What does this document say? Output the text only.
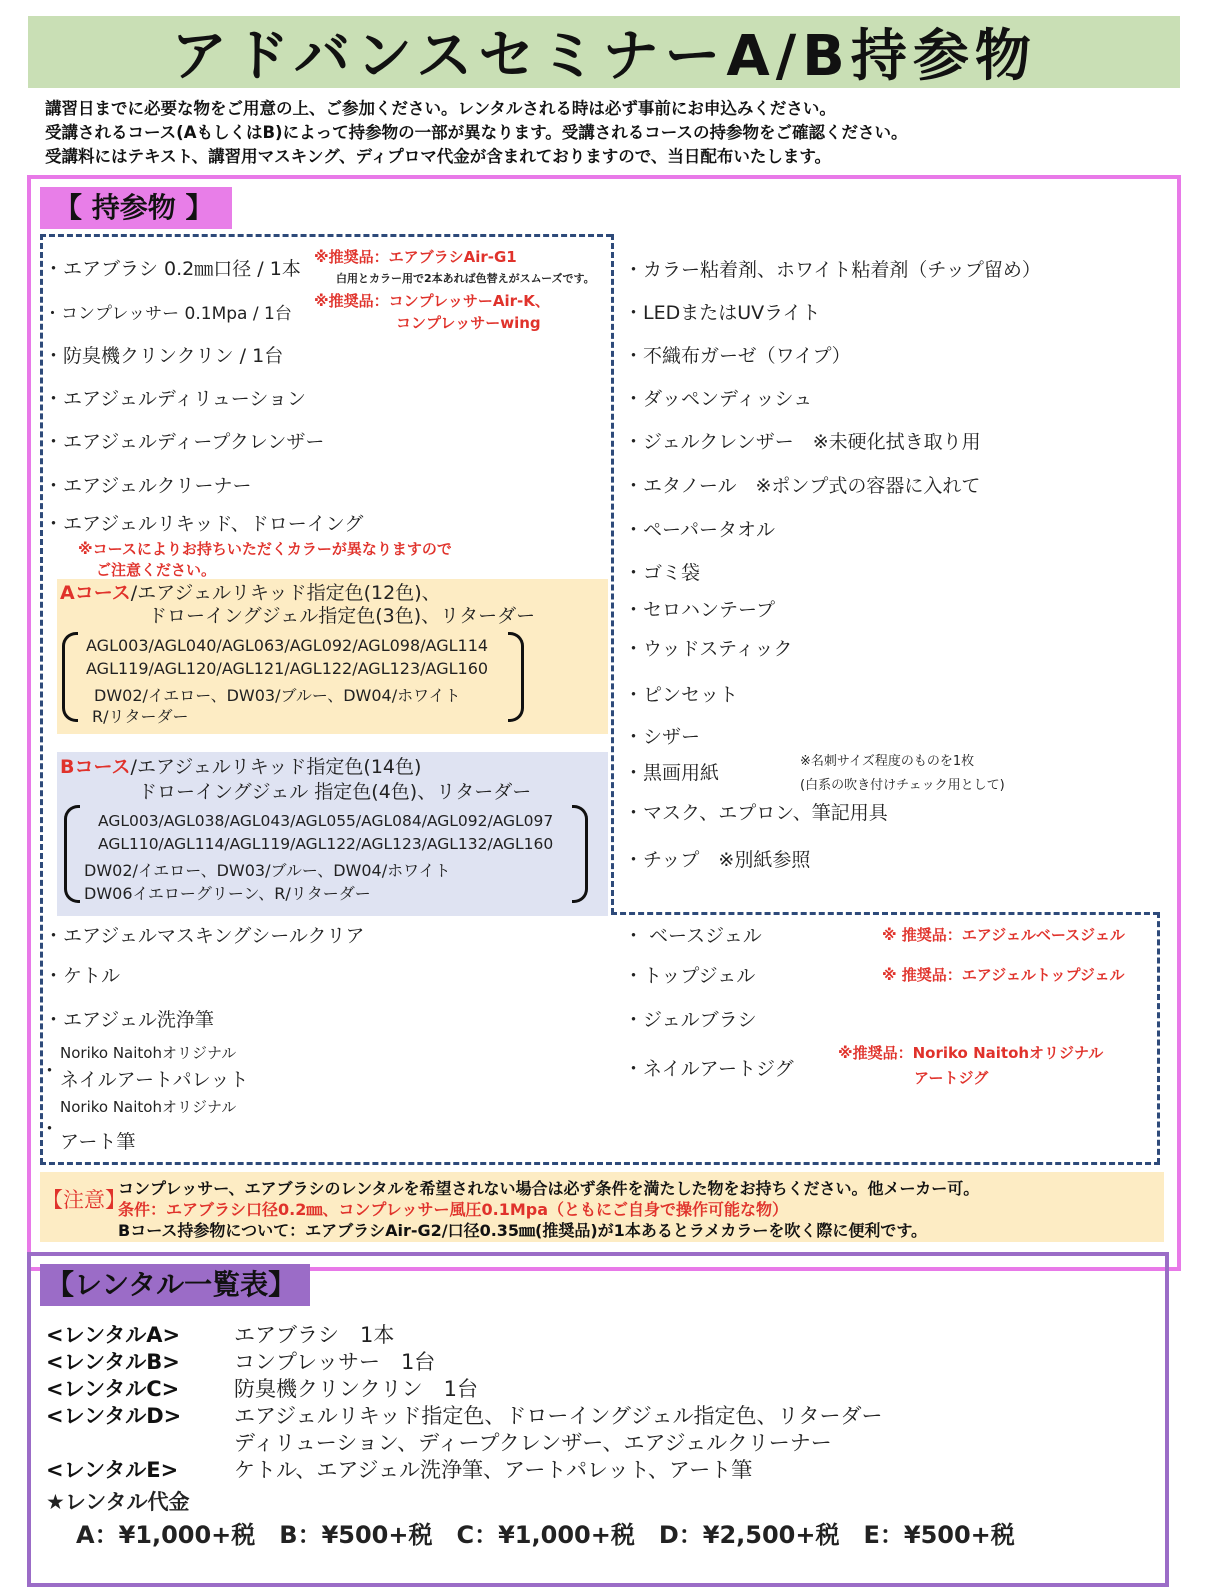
アドバンスセミナーA/B持参物
講習日までに必要な物をご用意の上、ご参加ください。レンタルされる時は必ず事前にお申込みください。
受講されるコース(AもしくはB)によって持参物の一部が異なります。受講されるコースの持参物をご確認ください。
受講料にはテキスト、講習用マスキング、ディプロマ代金が含まれておりますので、当日配布いたします。
【 持参物 】
・エアブラシ 0.2㎜口径 / 1本
・コンプレッサー 0.1Mpa / 1台
・防臭機クリンクリン / 1台
・エアジェルディリューション
・エアジェルディープクレンザー
・エアジェルクリーナー
・エアジェルリキッド、ドローイング
※推奨品：エアブラシAir-G1
白用とカラー用で2本あれば色替えがスムーズです。
※推奨品：コンプレッサーAir-K、
コンプレッサーwing
※コースによりお持ちいただくカラーが異なりますので
ご注意ください。
Aコース/エアジェルリキッド指定色(12色)、
ドローイングジェル指定色(3色)、リターダー
AGL003/AGL040/AGL063/AGL092/AGL098/AGL114
AGL119/AGL120/AGL121/AGL122/AGL123/AGL160
DW02/イエロー、DW03/ブルー、DW04/ホワイト
R/リターダー
Bコース/エアジェルリキッド指定色(14色)
ドローイングジェル 指定色(4色)、リターダー
AGL003/AGL038/AGL043/AGL055/AGL084/AGL092/AGL097
AGL110/AGL114/AGL119/AGL122/AGL123/AGL132/AGL160
DW02/イエロー、DW03/ブルー、DW04/ホワイト
DW06イエローグリーン、R/リターダー
・エアジェルマスキングシールクリア
・ケトル
・エアジェル洗浄筆
Noriko Naitohオリジナル
・ ネイルアートパレット
Noriko Naitohオリジナル
・
アート筆
・カラー粘着剤、ホワイト粘着剤（チップ留め）
・LEDまたはUVライト
・不織布ガーゼ（ワイプ）
・ダッペンディッシュ
・ジェルクレンザー　※未硬化拭き取り用
・エタノール　※ポンプ式の容器に入れて
・ペーパータオル
・ゴミ袋
・セロハンテープ
・ウッドスティック
・ピンセット
・シザー
・黒画用紙
・マスク、エプロン、筆記用具
・チップ　※別紙参照
※名刺サイズ程度のものを1枚
(白系の吹き付けチェック用として)
・ ベースジェル
・トップジェル
・ジェルブラシ
・ネイルアートジグ
※ 推奨品：エアジェルベースジェル
※ 推奨品：エアジェルトップジェル
※推奨品：Noriko Naitohオリジナル
アートジグ
【注意】
コンプレッサー、エアブラシのレンタルを希望されない場合は必ず条件を満たした物をお持ちください。他メーカー可。
条件：エアブラシ口径0.2㎜、コンプレッサー風圧0.1Mpa（ともにご自身で操作可能な物）
Bコース持参物について：エアブラシAir-G2/口径0.35㎜(推奨品)が1本あるとラメカラーを吹く際に便利です。
【レンタル一覧表】
<レンタルA>	エアブラシ　1本
<レンタルB>	コンプレッサー　1台
<レンタルC>	防臭機クリンクリン　1台
<レンタルD>	エアジェルリキッド指定色、ドローイングジェル指定色、リターダー
ディリューション、ディープクレンザー、エアジェルクリーナー
<レンタルE>	ケトル、エアジェル洗浄筆、アートパレット、アート筆
★レンタル代金
A：¥1,000+税　B：¥500+税　C：¥1,000+税　D：¥2,500+税　E：¥500+税
